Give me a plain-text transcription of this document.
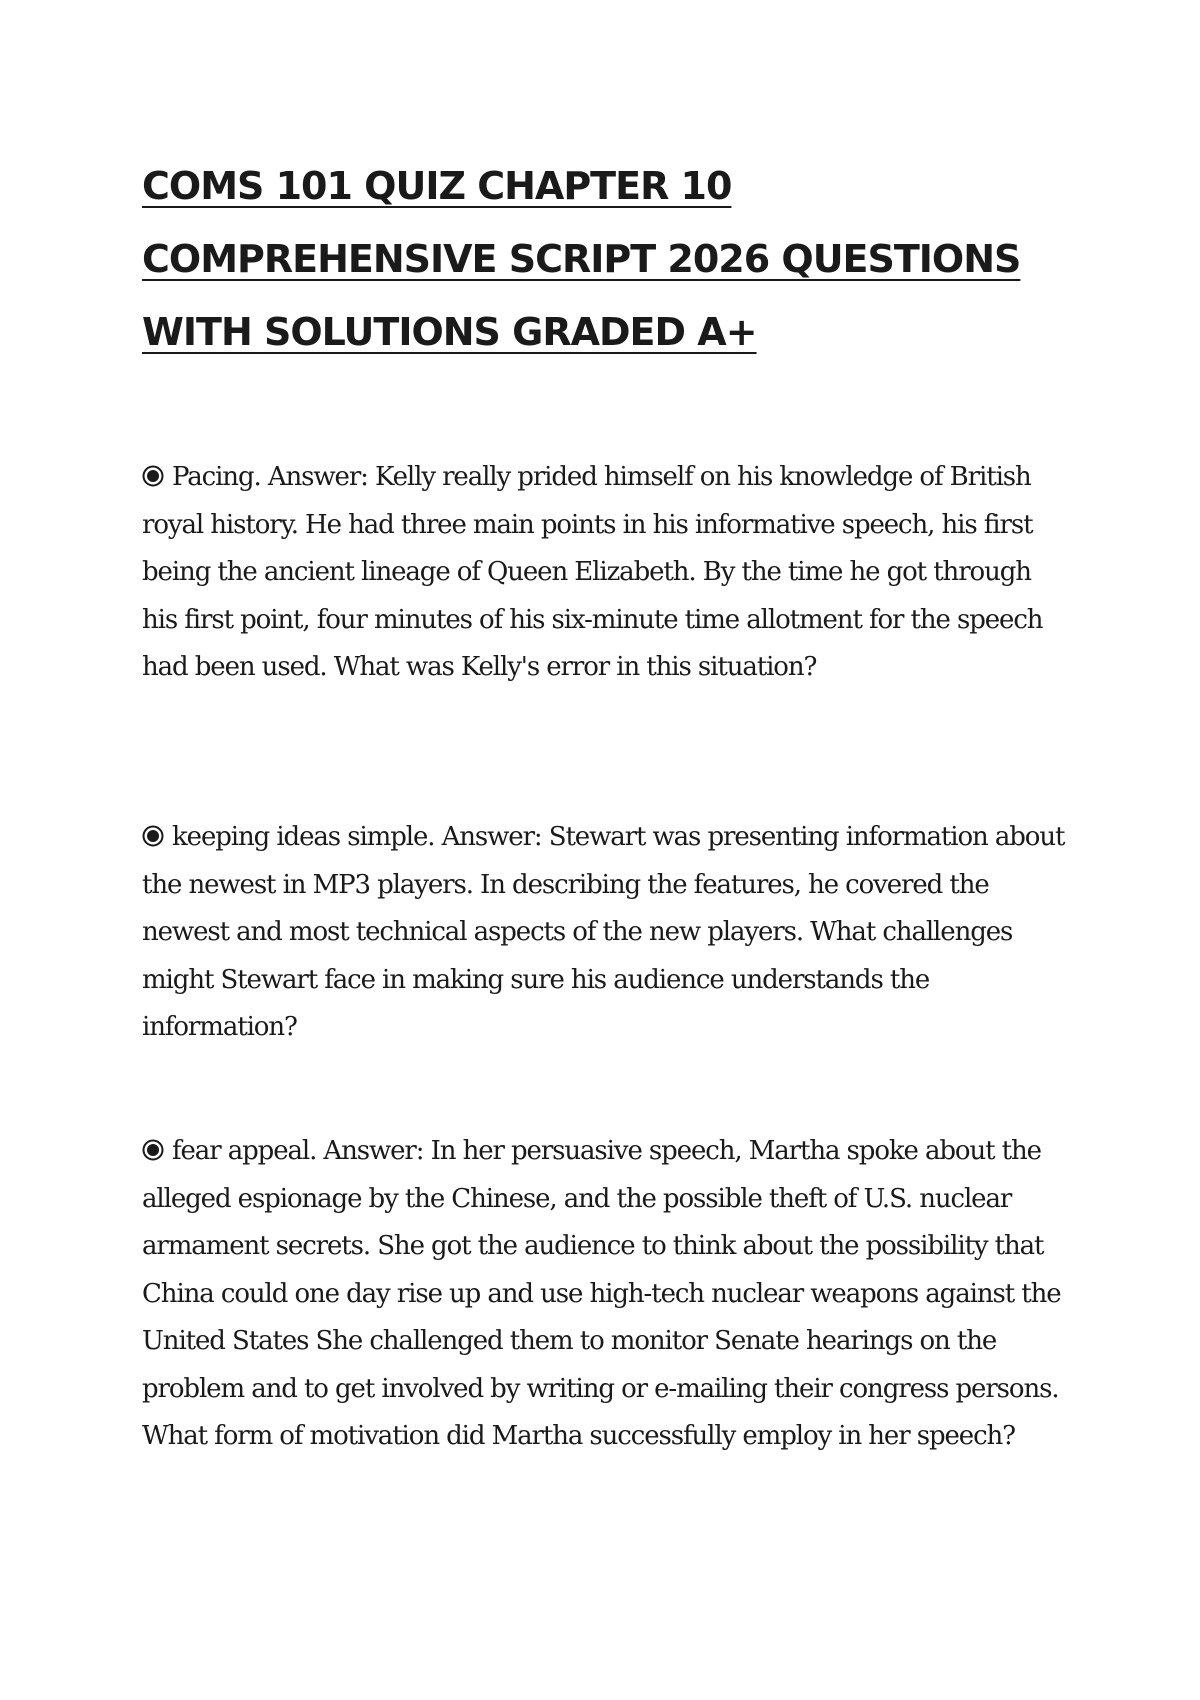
COMS 101 QUIZ CHAPTER 10
COMPREHENSIVE SCRIPT 2026 QUESTIONS
WITH SOLUTIONS GRADED A+

Pacing. Answer: Kelly really prided himself on his knowledge of British royal history. He had three main points in his informative speech, his first being the ancient lineage of Queen Elizabeth. By the time he got through his first point, four minutes of his six-minute time allotment for the speech had been used. What was Kelly's error in this situation?

keeping ideas simple. Answer: Stewart was presenting information about the newest in MP3 players. In describing the features, he covered the newest and most technical aspects of the new players. What challenges might Stewart face in making sure his audience understands the information?

fear appeal. Answer: In her persuasive speech, Martha spoke about the alleged espionage by the Chinese, and the possible theft of U.S. nuclear armament secrets. She got the audience to think about the possibility that China could one day rise up and use high-tech nuclear weapons against the United States She challenged them to monitor Senate hearings on the problem and to get involved by writing or e-mailing their congress persons. What form of motivation did Martha successfully employ in her speech?
